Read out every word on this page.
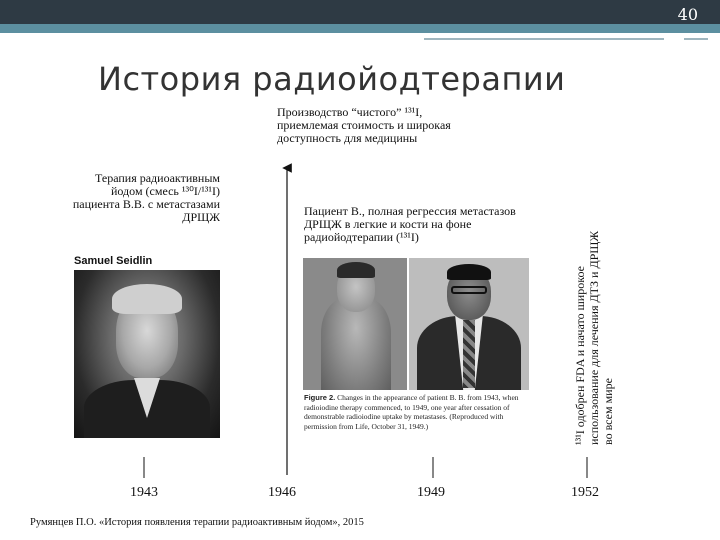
40
История радиойодтерапии
Производство “чистого” ¹³¹I, приемлемая стоимость и широкая доступность для медицины
Терапия радиоактивным йодом (смесь ¹³⁰I/¹³¹I) пациента В.В. с метастазами ДРЩЖ	Пациент В., полная регрессия метастазов ДРЩЖ в легкие и кости на фоне радиойодтерапии (¹³¹I)
¹³¹I одобрен FDA и начато широкое использование для лечения ДТЗ и ДРЩЖ во всем мире
Samuel Seidlin
Figure 2. Changes in the appearance of patient B. B. from 1943, when radioiodine therapy commenced, to 1949, one year after cessation of demonstrable radioiodine uptake by metastases. (Reproduced with permission from Life, October 31, 1949.)
1943	1946	1949	1952
Румянцев П.О. «История появления терапии радиоактивным йодом», 2015
